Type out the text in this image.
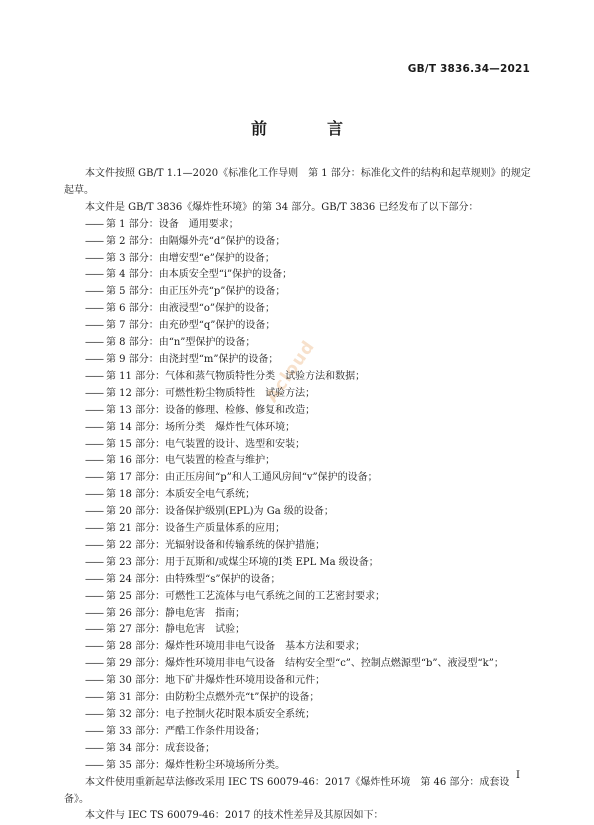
GB/T 3836.34—2021
前　言
Acloud

本文件按照 GB/T 1.1—2020《标准化工作导则　第 1 部分：标准化文件的结构和起草规则》的规定起草。

本文件是 GB/T 3836《爆炸性环境》的第 34 部分。GB/T 3836 已经发布了以下部分：

—— 第 1 部分：设备　通用要求；
—— 第 2 部分：由隔爆外壳“d”保护的设备；
—— 第 3 部分：由增安型“e”保护的设备；
—— 第 4 部分：由本质安全型“i”保护的设备；
—— 第 5 部分：由正压外壳“p”保护的设备；
—— 第 6 部分：由液浸型“o”保护的设备；
—— 第 7 部分：由充砂型“q”保护的设备；
—— 第 8 部分：由“n”型保护的设备；
—— 第 9 部分：由浇封型“m”保护的设备；
—— 第 11 部分：气体和蒸气物质特性分类　试验方法和数据；
—— 第 12 部分：可燃性粉尘物质特性　试验方法；
—— 第 13 部分：设备的修理、检修、修复和改造；
—— 第 14 部分：场所分类　爆炸性气体环境；
—— 第 15 部分：电气装置的设计、选型和安装；
—— 第 16 部分：电气装置的检查与维护；
—— 第 17 部分：由正压房间“p”和人工通风房间“v”保护的设备；
—— 第 18 部分：本质安全电气系统；
—— 第 20 部分：设备保护级别(EPL)为 Ga 级的设备；
—— 第 21 部分：设备生产质量体系的应用；
—— 第 22 部分：光辐射设备和传输系统的保护措施；
—— 第 23 部分：用于瓦斯和/或煤尘环境的Ⅰ类 EPL Ma 级设备；
—— 第 24 部分：由特殊型“s”保护的设备；
—— 第 25 部分：可燃性工艺流体与电气系统之间的工艺密封要求；
—— 第 26 部分：静电危害　指南；
—— 第 27 部分：静电危害　试验；
—— 第 28 部分：爆炸性环境用非电气设备　基本方法和要求；
—— 第 29 部分：爆炸性环境用非电气设备　结构安全型“c”、控制点燃源型“b”、液浸型“k”；
—— 第 30 部分：地下矿井爆炸性环境用设备和元件；
—— 第 31 部分：由防粉尘点燃外壳“t”保护的设备；
—— 第 32 部分：电子控制火花时限本质安全系统；
—— 第 33 部分：严酷工作条件用设备；
—— 第 34 部分：成套设备；
—— 第 35 部分：爆炸性粉尘环境场所分类。

本文件使用重新起草法修改采用 IEC TS 60079-46：2017《爆炸性环境　第 46 部分：成套设备》。

本文件与 IEC TS 60079-46：2017 的技术性差异及其原因如下：

Ⅰ
